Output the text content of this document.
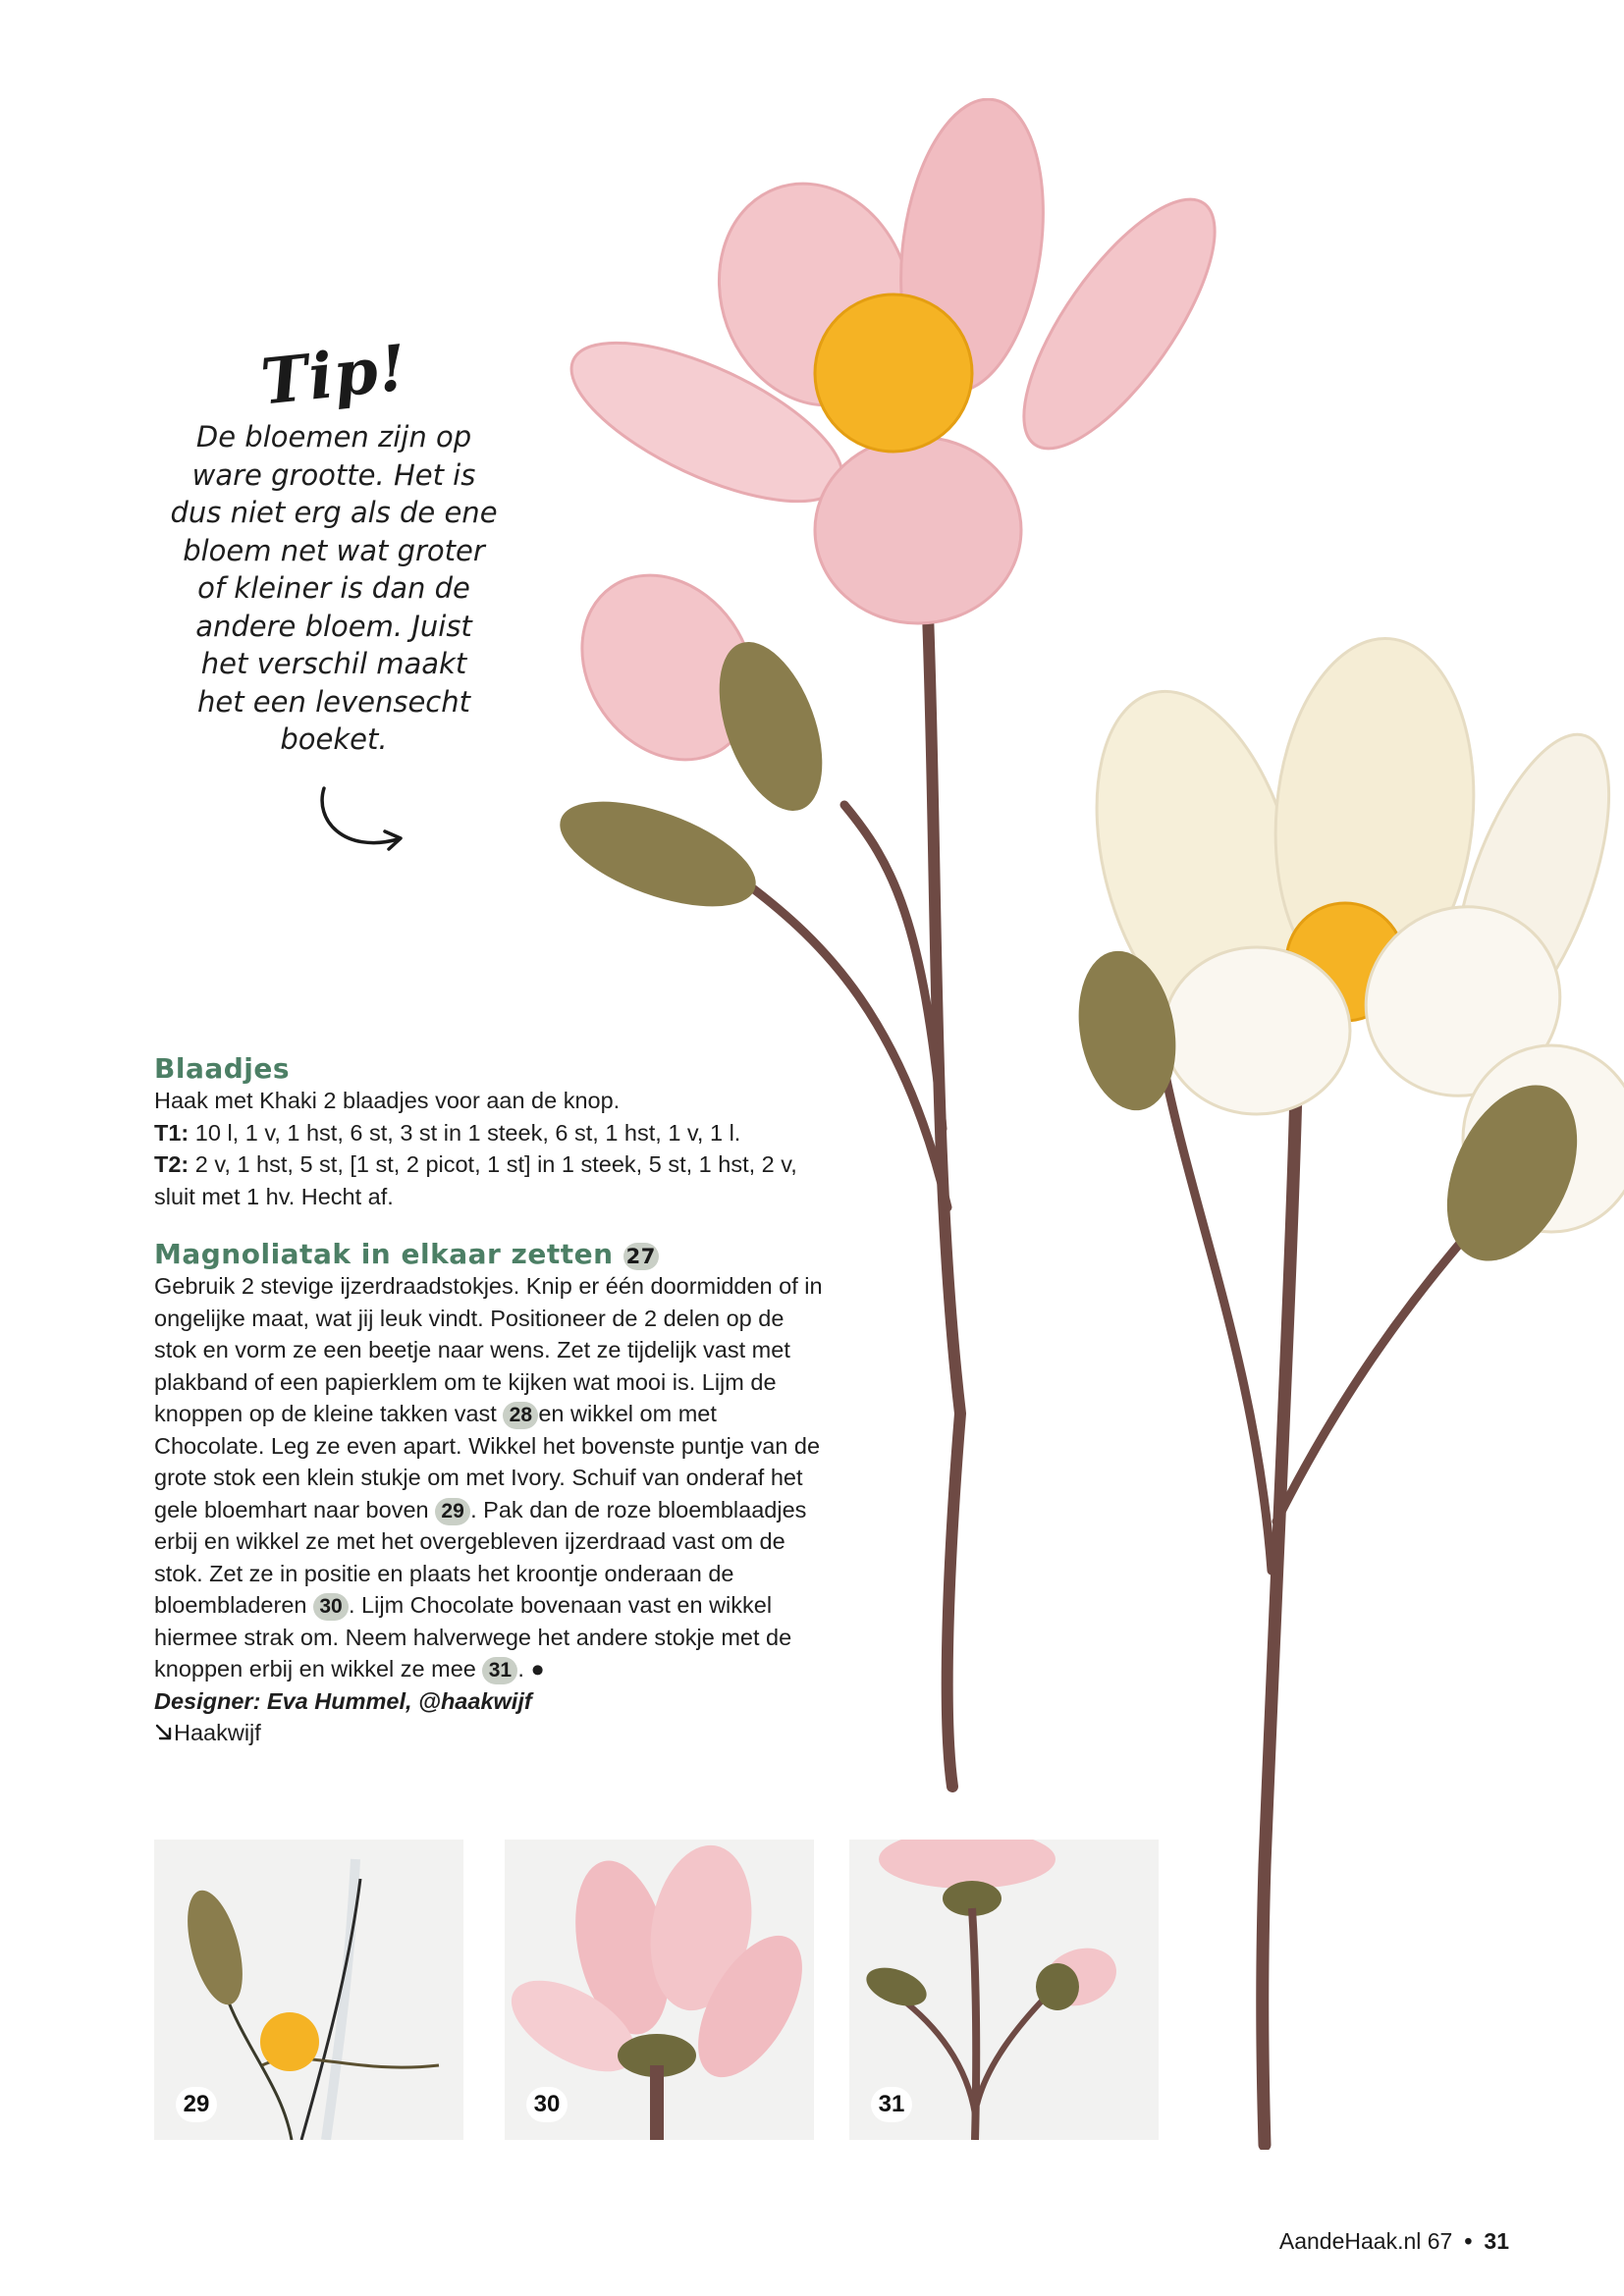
Tip!
De bloemen zijn op
ware grootte. Het is
dus niet erg als de ene
bloem net wat groter
of kleiner is dan de
andere bloem. Juist
het verschil maakt
het een levensecht
boeket.
Blaadjes

Haak met Khaki 2 blaadjes voor aan de knop.
T1: 10 l, 1 v, 1 hst, 6 st, 3 st in 1 steek, 6 st, 1 hst, 1 v, 1 l.
T2: 2 v, 1 hst, 5 st, [1 st, 2 picot, 1 st] in 1 steek, 5 st, 1 hst, 2 v, sluit met 1 hv. Hecht af.

Magnoliatak in elkaar zetten 27

Gebruik 2 stevige ijzerdraadstokjes. Knip er één doormidden of in ongelijke maat, wat jij leuk vindt. Positioneer de 2 delen op de stok en vorm ze een beetje naar wens. Zet ze tijdelijk vast met plakband of een papierklem om te kijken wat mooi is. Lijm de knoppen op de kleine takken vast 28 en wikkel om met Chocolate. Leg ze even apart. Wikkel het bovenste puntje van de grote stok een klein stukje om met Ivory. Schuif van onderaf het gele bloemhart naar boven 29 . Pak dan de roze bloemblaadjes erbij en wikkel ze met het overgebleven ijzerdraad vast om de stok. Zet ze in positie en plaats het kroontje onderaan de bloembladeren 30 . Lijm Chocolate bovenaan vast en wikkel hiermee strak om. Neem halverwege het andere stokje met de knoppen erbij en wikkel ze mee 31 . ●

Designer: Eva Hummel, @haakwijf
Haakwijf
29	30	31
AandeHaak.nl 67 • 31
